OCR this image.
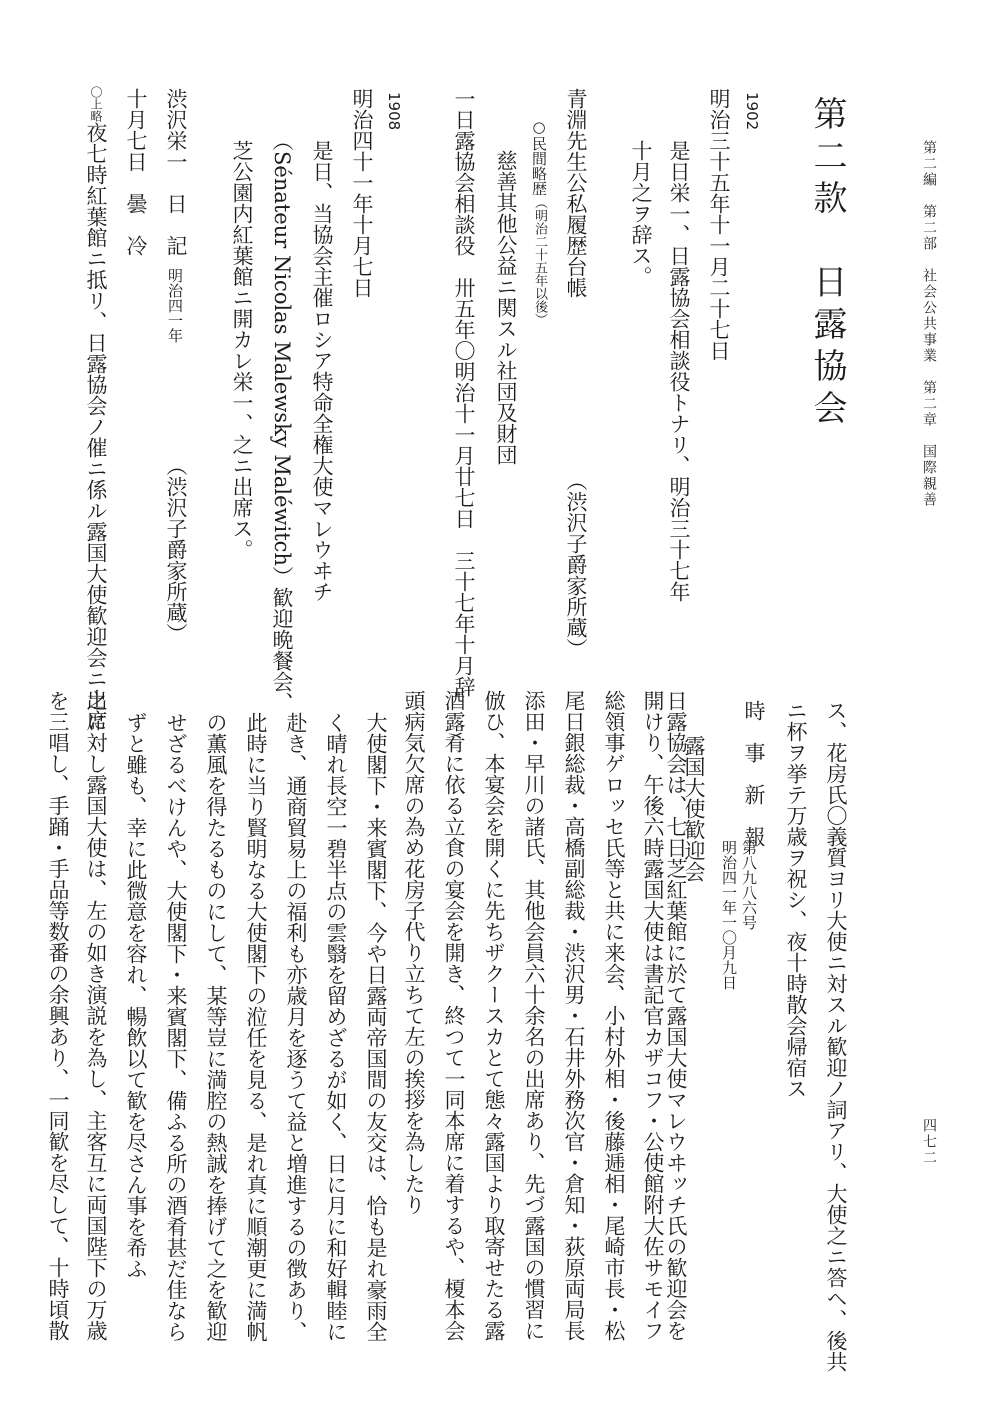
第二編　第二部　社会公共事業　第二章　国際親善
四七二
第二款　日露協会
1902
明治三十五年十一月二十七日
是日栄一、日露協会相談役トナリ、明治三十七年
十月之ヲ辞ス。
青淵先生公私履歴台帳
（渋沢子爵家所蔵）
○民間略歴（明治二十五年以後）
慈善其他公益ニ関スル社団及財団
一日露協会相談役　卅五年〇明治十一月廿七日　三十七年十月辞
1908
明治四十一年十月七日
是日、当協会主催ロシア特命全権大使マレウヰチ
（Sénateur Nicolas Malewsky Maléwitch）歓迎晩餐会、
芝公園内紅葉館ニ開カレ栄一、之ニ出席ス。
渋沢栄一　日　記
明治四一年
（渋沢子爵家所蔵）
十月七日　曇　冷
〇上略夜七時紅葉館ニ抵リ、日露協会ノ催ニ係ル露国大使歓迎会ニ出席
ス、花房氏〇義質ヨリ大使ニ対スル歓迎ノ詞アリ、大使之ニ答ヘ、後共
ニ杯ヲ挙テ万歳ヲ祝シ、夜十時散会帰宿ス
時　事　新　報
第八九八六号
明治四一年一〇月九日
露国大使歓迎会
日露協会は、七日芝紅葉館に於て露国大使マレウヰッチ氏の歓迎会を
開けり、午後六時露国大使は書記官カザコフ・公使館附大佐サモイフ
総領事ゲロッセ氏等と共に来会、小村外相・後藤逓相・尾崎市長・松
尾日銀総裁・高橋副総裁・渋沢男・石井外務次官・倉知・荻原両局長
添田・早川の諸氏、其他会員六十余名の出席あり、先づ露国の慣習に
倣ひ、本宴会を開くに先ちザクースカとて態々露国より取寄せたる露
酒露肴に依る立食の宴会を開き、終つて一同本席に着するや、榎本会
頭病気欠席の為め花房子代り立ちて左の挨拶を為したり
大使閣下・来賓閣下、今や日露両帝国間の友交は、恰も是れ豪雨全
く晴れ長空一碧半点の雲翳を留めざるが如く、日に月に和好輯睦に
赴き、通商貿易上の福利も亦歳月を逐うて益と増進するの徴あり、
此時に当り賢明なる大使閣下の涖任を見る、是れ真に順潮更に満帆
の薫風を得たるものにして、某等豈に満腔の熱誠を捧げて之を歓迎
せざるべけんや、大使閣下・来賓閣下、備ふる所の酒肴甚だ佳なら
ずと雖も、幸に此微意を容れ、暢飲以て歓を尽さん事を希ふ
之に対し露国大使は、左の如き演説を為し、主客互に両国陛下の万歳
を三唱し、手踊・手品等数番の余興あり、一同歓を尽して、十時頃散
